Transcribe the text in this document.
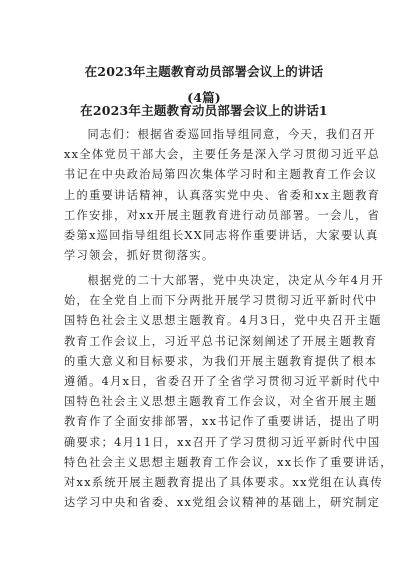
在2023年主题教育动员部署会议上的讲话
(4篇)
在2023年主题教育动员部署会议上的讲话1
同志们：根据省委巡回指导组同意，今天，我们召开
xx全体党员干部大会，主要任务是深入学习贯彻习近平总
书记在中央政治局第四次集体学习时和主题教育工作会议
上的重要讲话精神，认真落实党中央、省委和xx主题教育
工作安排，对xx开展主题教育进行动员部署。一会儿，省
委第x巡回指导组组长XX同志将作重要讲话，大家要认真
学习领会，抓好贯彻落实。
根据党的二十大部署，党中央决定，决定从今年4月开
始，在全党自上而下分两批开展学习贯彻习近平新时代中
国特色社会主义思想主题教育。4月3日，党中央召开主题
教育工作会议上，习近平总书记深刻阐述了开展主题教育
的重大意义和目标要求，为我们开展主题教育提供了根本
遵循。4月x日，省委召开了全省学习贯彻习近平新时代中
国特色社会主义思想主题教育工作会议，对全省开展主题
教育作了全面安排部署，xx书记作了重要讲话，提出了明
确要求；4月11日，xx召开了学习贯彻习近平新时代中国
特色社会主义思想主题教育工作会议，xx长作了重要讲话，
对xx系统开展主题教育提出了具体要求。xx党组在认真传
达学习中央和省委、xx党组会议精神的基础上，研究制定
